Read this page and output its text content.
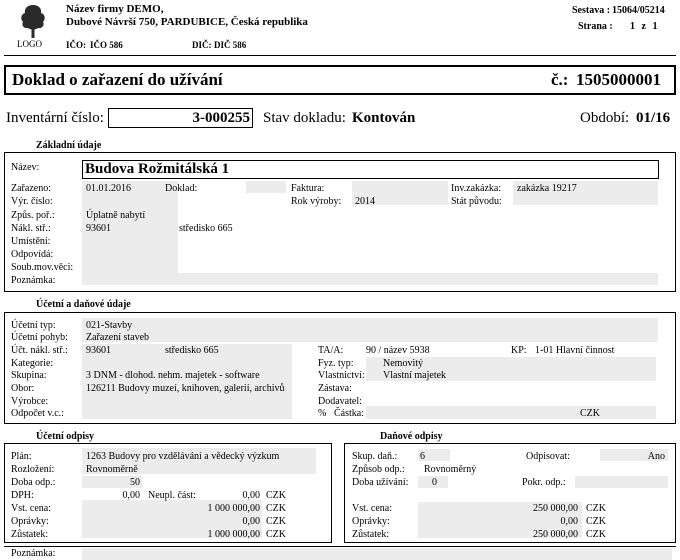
LOGO
Název firmy DEMO,
Dubové Návrší 750, PARDUBICE, Česká republika
IČO: IČO 586	DIČ: DIČ 586
Sestava : 15064/05214
Strana : 1 z 1
Doklad o zařazení do užívání	č.: 1505000001
Inventární číslo:	3-000255 Stav dokladu: Kontován	Období: 01/16
Základní údaje
Název:	Budova Rožmitálská 1
Zařazeno:	01.01.2016	Doklad:	Faktura:	Inv.zakázka: zakázka 19217
Výr. číslo:	Rok výroby: 2014	Stát původu:
Způs. poř.:	Úplatně nabytí
Nákl. stř.:	93601	středisko 665
Umístění:
Odpovídá:
Soub.mov.věci:
Poznámka:
Účetní a daňové údaje
Účetní typ:	021-Stavby
Účetní pohyb: Zařazení staveb
Účt. nákl. stř.: 93601	středisko 665	TA/A: 90 / název 5938	KP: 1-01 Hlavní činnost
Kategorie:	Fyz. typ:	Nemovitý
Skupina:	3 DNM - dlohod. nehm. majetek - software	Vlastnictví: Vlastní majetek
Obor:	126211 Budovy muzeí, knihoven, galerií, archivů	Zástava:
Výrobce:	Dodavatel:
Odpočet v.c.:	% Částka:	CZK
Účetní odpisy
Plán:	1263 Budovy pro vzdělávání a vědecký výzkum
Rozložení:	Rovnoměrně
Doba odp.:	50
DPH:	0,00 Neupl. část:	0,00 CZK
Vst. cena:	1 000 000,00 CZK
Oprávky:	0,00 CZK
Zůstatek:	1 000 000,00 CZK
Daňové odpisy
Skup. daň.: 6	Odpisovat:	Ano
Způsob odp.: Rovnoměrný
Doba užívání: 0	Pokr. odp.:
Vst. cena:	250 000,00 CZK
Oprávky:	0,00 CZK
Zůstatek:	250 000,00 CZK
Poznámka:
